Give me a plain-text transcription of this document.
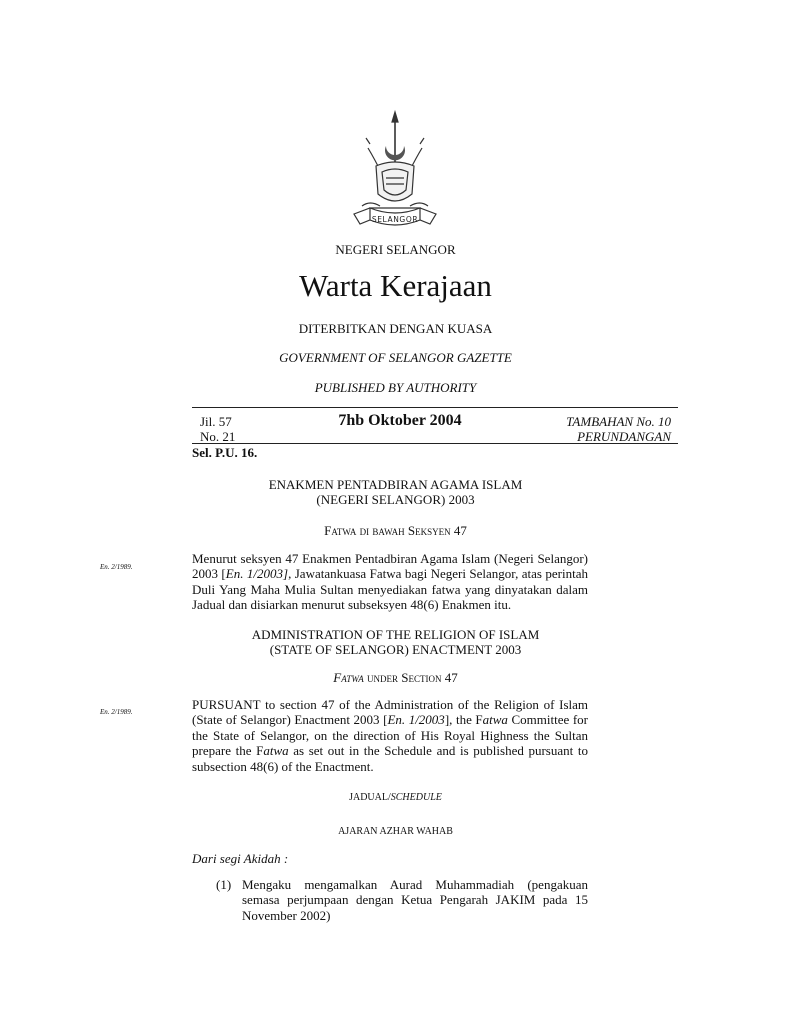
SELANGOR
NEGERI SELANGOR
Warta Kerajaan
DITERBITKAN DENGAN KUASA
GOVERNMENT OF SELANGOR GAZETTE
PUBLISHED BY AUTHORITY
Jil. 57
No. 21
7hb Oktober 2004	TAMBAHAN No. 10
PERUNDANGAN
Sel. P.U. 16.
ENAKMEN PENTADBIRAN AGAMA ISLAM
(NEGERI SELANGOR) 2003
Fatwa di bawah Seksyen 47
En. 2/1989.
Menurut seksyen 47 Enakmen Pentadbiran Agama Islam (Negeri Selangor) 2003 [En. 1/2003], Jawatankuasa Fatwa bagi Negeri Selangor, atas perintah Duli Yang Maha Mulia Sultan menyediakan fatwa yang dinyatakan dalam Jadual dan disiarkan menurut subseksyen 48(6) Enakmen itu.
ADMINISTRATION OF THE RELIGION OF ISLAM
(STATE OF SELANGOR) ENACTMENT 2003
Fatwa under Section 47
En. 2/1989.	PURSUANT to section 47 of the Administration of the Religion of Islam (State of Selangor) Enactment 2003 [En. 1/2003], the Fatwa Committee for the State of Selangor, on the direction of His Royal Highness the Sultan prepare the Fatwa as set out in the Schedule and is published pursuant to subsection 48(6) of the Enactment.
JADUAL/SCHEDULE
AJARAN AZHAR WAHAB
Dari segi Akidah :
(1) Mengaku mengamalkan Aurad Muhammadiah (pengakuan semasa perjumpaan dengan Ketua Pengarah JAKIM pada 15 November 2002)
